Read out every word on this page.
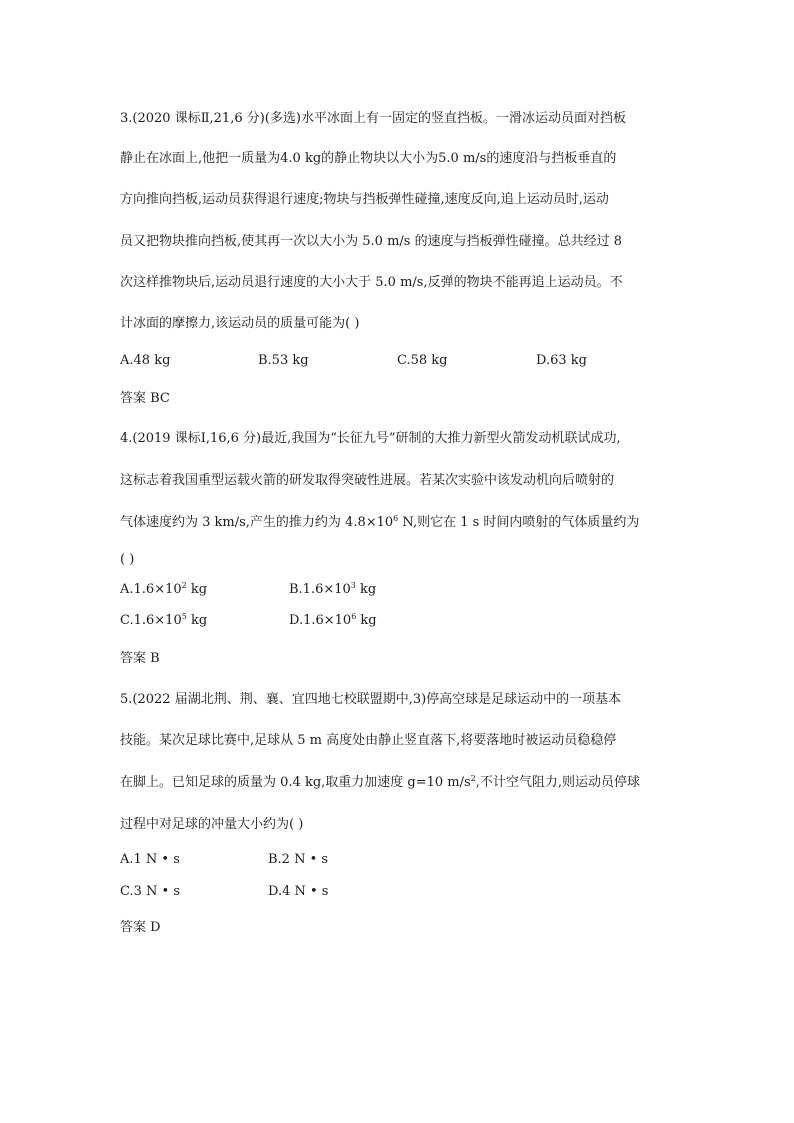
3.(2020 课标Ⅱ,21,6 分)(多选)水平冰面上有一固定的竖直挡板。一滑冰运动员面对挡板
静止在冰面上,他把一质量为4.0 kg的静止物块以大小为5.0 m/s的速度沿与挡板垂直的
方向推向挡板,运动员获得退行速度;物块与挡板弹性碰撞,速度反向,追上运动员时,运动
员又把物块推向挡板,使其再一次以大小为 5.0 m/s 的速度与挡板弹性碰撞。总共经过 8
次这样推物块后,运动员退行速度的大小大于 5.0 m/s,反弹的物块不能再追上运动员。不
计冰面的摩擦力,该运动员的质量可能为( )
A.48 kg	B.53 kg	C.58 kg	D.63 kg
答案 BC
4.(2019 课标Ⅰ,16,6 分)最近,我国为“长征九号”研制的大推力新型火箭发动机联试成功,
这标志着我国重型运载火箭的研发取得突破性进展。若某次实验中该发动机向后喷射的
气体速度约为 3 km/s,产生的推力约为 $4.8\times 10^6$ N,则它在 1 s 时间内喷射的气体质量约为
( )
$A.1.6\times 10^2$ kg	$B.1.6\times 10^3$ kg
$C.1.6\times 10^5$ kg	$D.1.6\times 10^6$ kg
答案 B
5.(2022 届湖北荆、荆、襄、宜四地七校联盟期中,3)停高空球是足球运动中的一项基本
技能。某次足球比赛中,足球从 5 m 高度处由静止竖直落下,将要落地时被运动员稳稳停
在脚上。已知足球的质量为 0.4 kg,取重力加速度 g=10 $m/s^2$,不计空气阻力,则运动员停球
过程中对足球的冲量大小约为( )
A.1 N • s	B.2 N • s
C.3 N • s	D.4 N • s
答案 D
